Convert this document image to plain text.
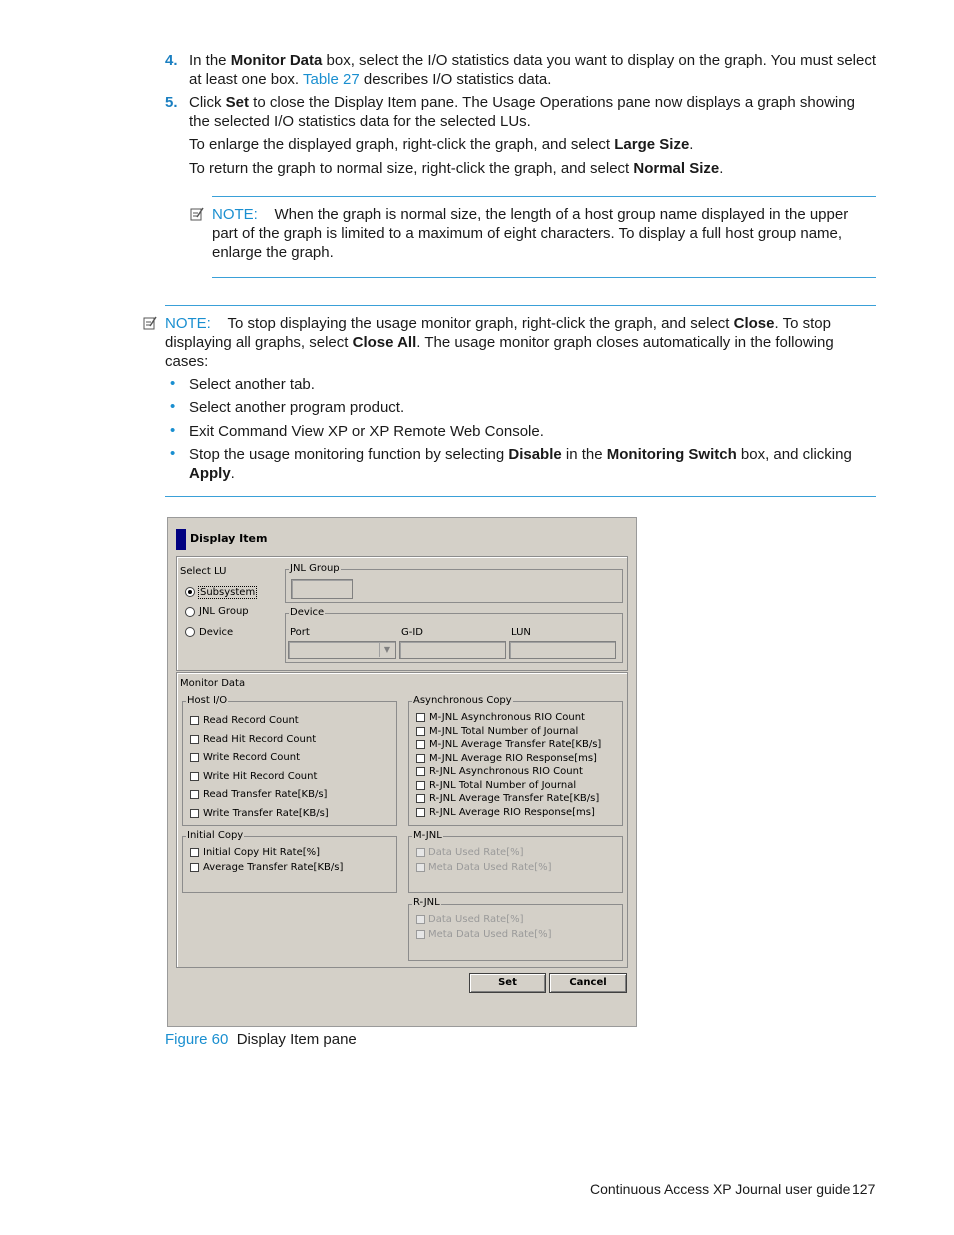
4. In the Monitor Data box, select the I/O statistics data you want to display on the graph. You must select
at least one box. Table 27 describes I/O statistics data.
5. Click Set to close the Display Item pane. The Usage Operations pane now displays a graph showing
the selected I/O statistics data for the selected LUs.
To enlarge the displayed graph, right-click the graph, and select Large Size.
To return the graph to normal size, right-click the graph, and select Normal Size.
NOTE: When the graph is normal size, the length of a host group name displayed in the upper
part of the graph is limited to a maximum of eight characters. To display a full host group name,
enlarge the graph.
NOTE: To stop displaying the usage monitor graph, right-click the graph, and select Close. To stop
displaying all graphs, select Close All. The usage monitor graph closes automatically in the following
cases:
• Select another tab.
• Select another program product.
• Exit Command View XP or XP Remote Web Console.
• Stop the usage monitoring function by selecting Disable in the Monitoring Switch box, and clicking
Apply.
Display Item
Select LU
Subsystem
JNL Group
Device
JNL Group
Device
Port	G-ID	LUN
▼
Monitor Data
Host I/O
Read Record Count
Read Hit Record Count
Write Record Count
Write Hit Record Count
Read Transfer Rate[KB/s]
Write Transfer Rate[KB/s]
Asynchronous Copy
M-JNL Asynchronous RIO Count
M-JNL Total Number of Journal
M-JNL Average Transfer Rate[KB/s]
M-JNL Average RIO Response[ms]
R-JNL Asynchronous RIO Count
R-JNL Total Number of Journal
R-JNL Average Transfer Rate[KB/s]
R-JNL Average RIO Response[ms]
Initial Copy
Initial Copy Hit Rate[%]
Average Transfer Rate[KB/s]
M-JNL
Data Used Rate[%]
Meta Data Used Rate[%]
R-JNL
Data Used Rate[%]
Meta Data Used Rate[%]
Set	Cancel
Figure 60 Display Item pane
Continuous Access XP Journal user guide 127
